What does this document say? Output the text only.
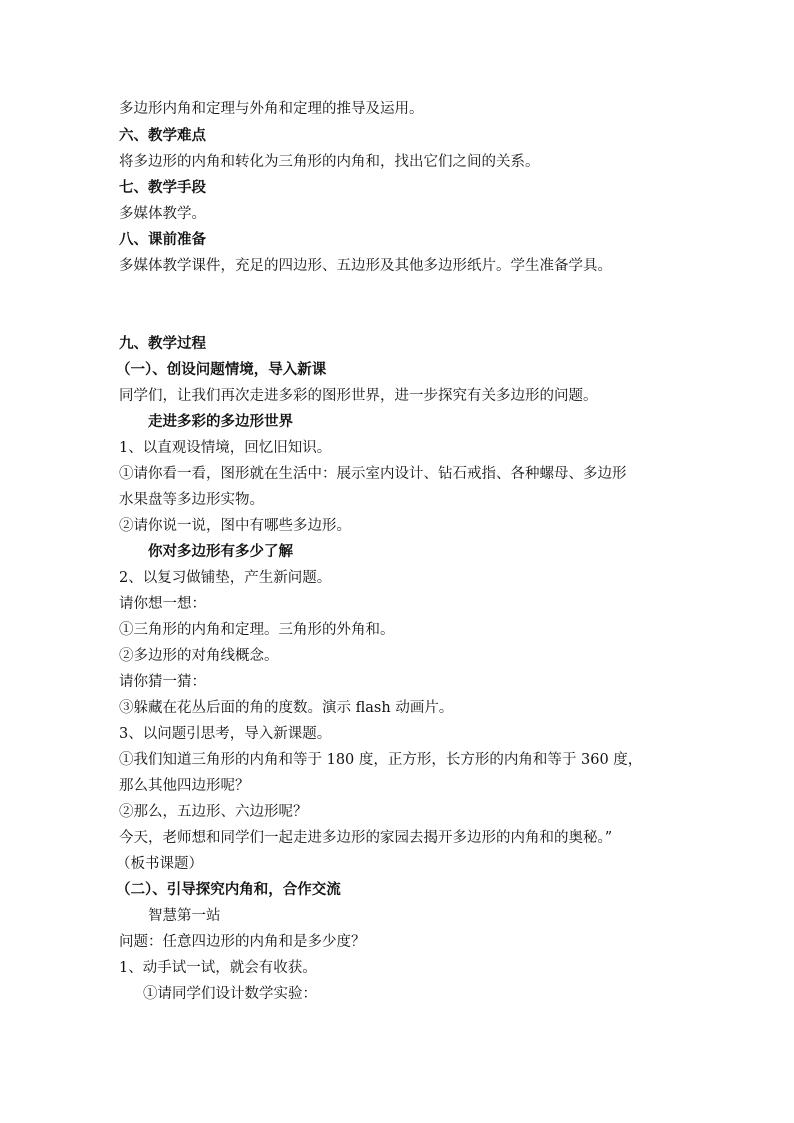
多边形内角和定理与外角和定理的推导及运用。
六、教学难点
将多边形的内角和转化为三角形的内角和，找出它们之间的关系。
七、教学手段
多媒体教学。
八、课前准备
多媒体教学课件，充足的四边形、五边形及其他多边形纸片。学生准备学具。
九、教学过程
（一）、创设问题情境，导入新课
同学们，让我们再次走进多彩的图形世界，进一步探究有关多边形的问题。
走进多彩的多边形世界
1、以直观设情境，回忆旧知识。
①请你看一看，图形就在生活中：展示室内设计、钻石戒指、各种螺母、多边形
水果盘等多边形实物。
②请你说一说，图中有哪些多边形。
你对多边形有多少了解
2、以复习做铺垫，产生新问题。
请你想一想：
①三角形的内角和定理。三角形的外角和。
②多边形的对角线概念。
请你猜一猜：
③躲藏在花丛后面的角的度数。演示 flash 动画片。
3、以问题引思考，导入新课题。
①我们知道三角形的内角和等于 180 度，正方形，长方形的内角和等于 360 度，
那么其他四边形呢？
②那么，五边形、六边形呢？
今天，老师想和同学们一起走进多边形的家园去揭开多边形的内角和的奥秘。”
（板书课题）
（二）、引导探究内角和，合作交流
智慧第一站
问题：任意四边形的内角和是多少度？
1、动手试一试，就会有收获。
①请同学们设计数学实验：
